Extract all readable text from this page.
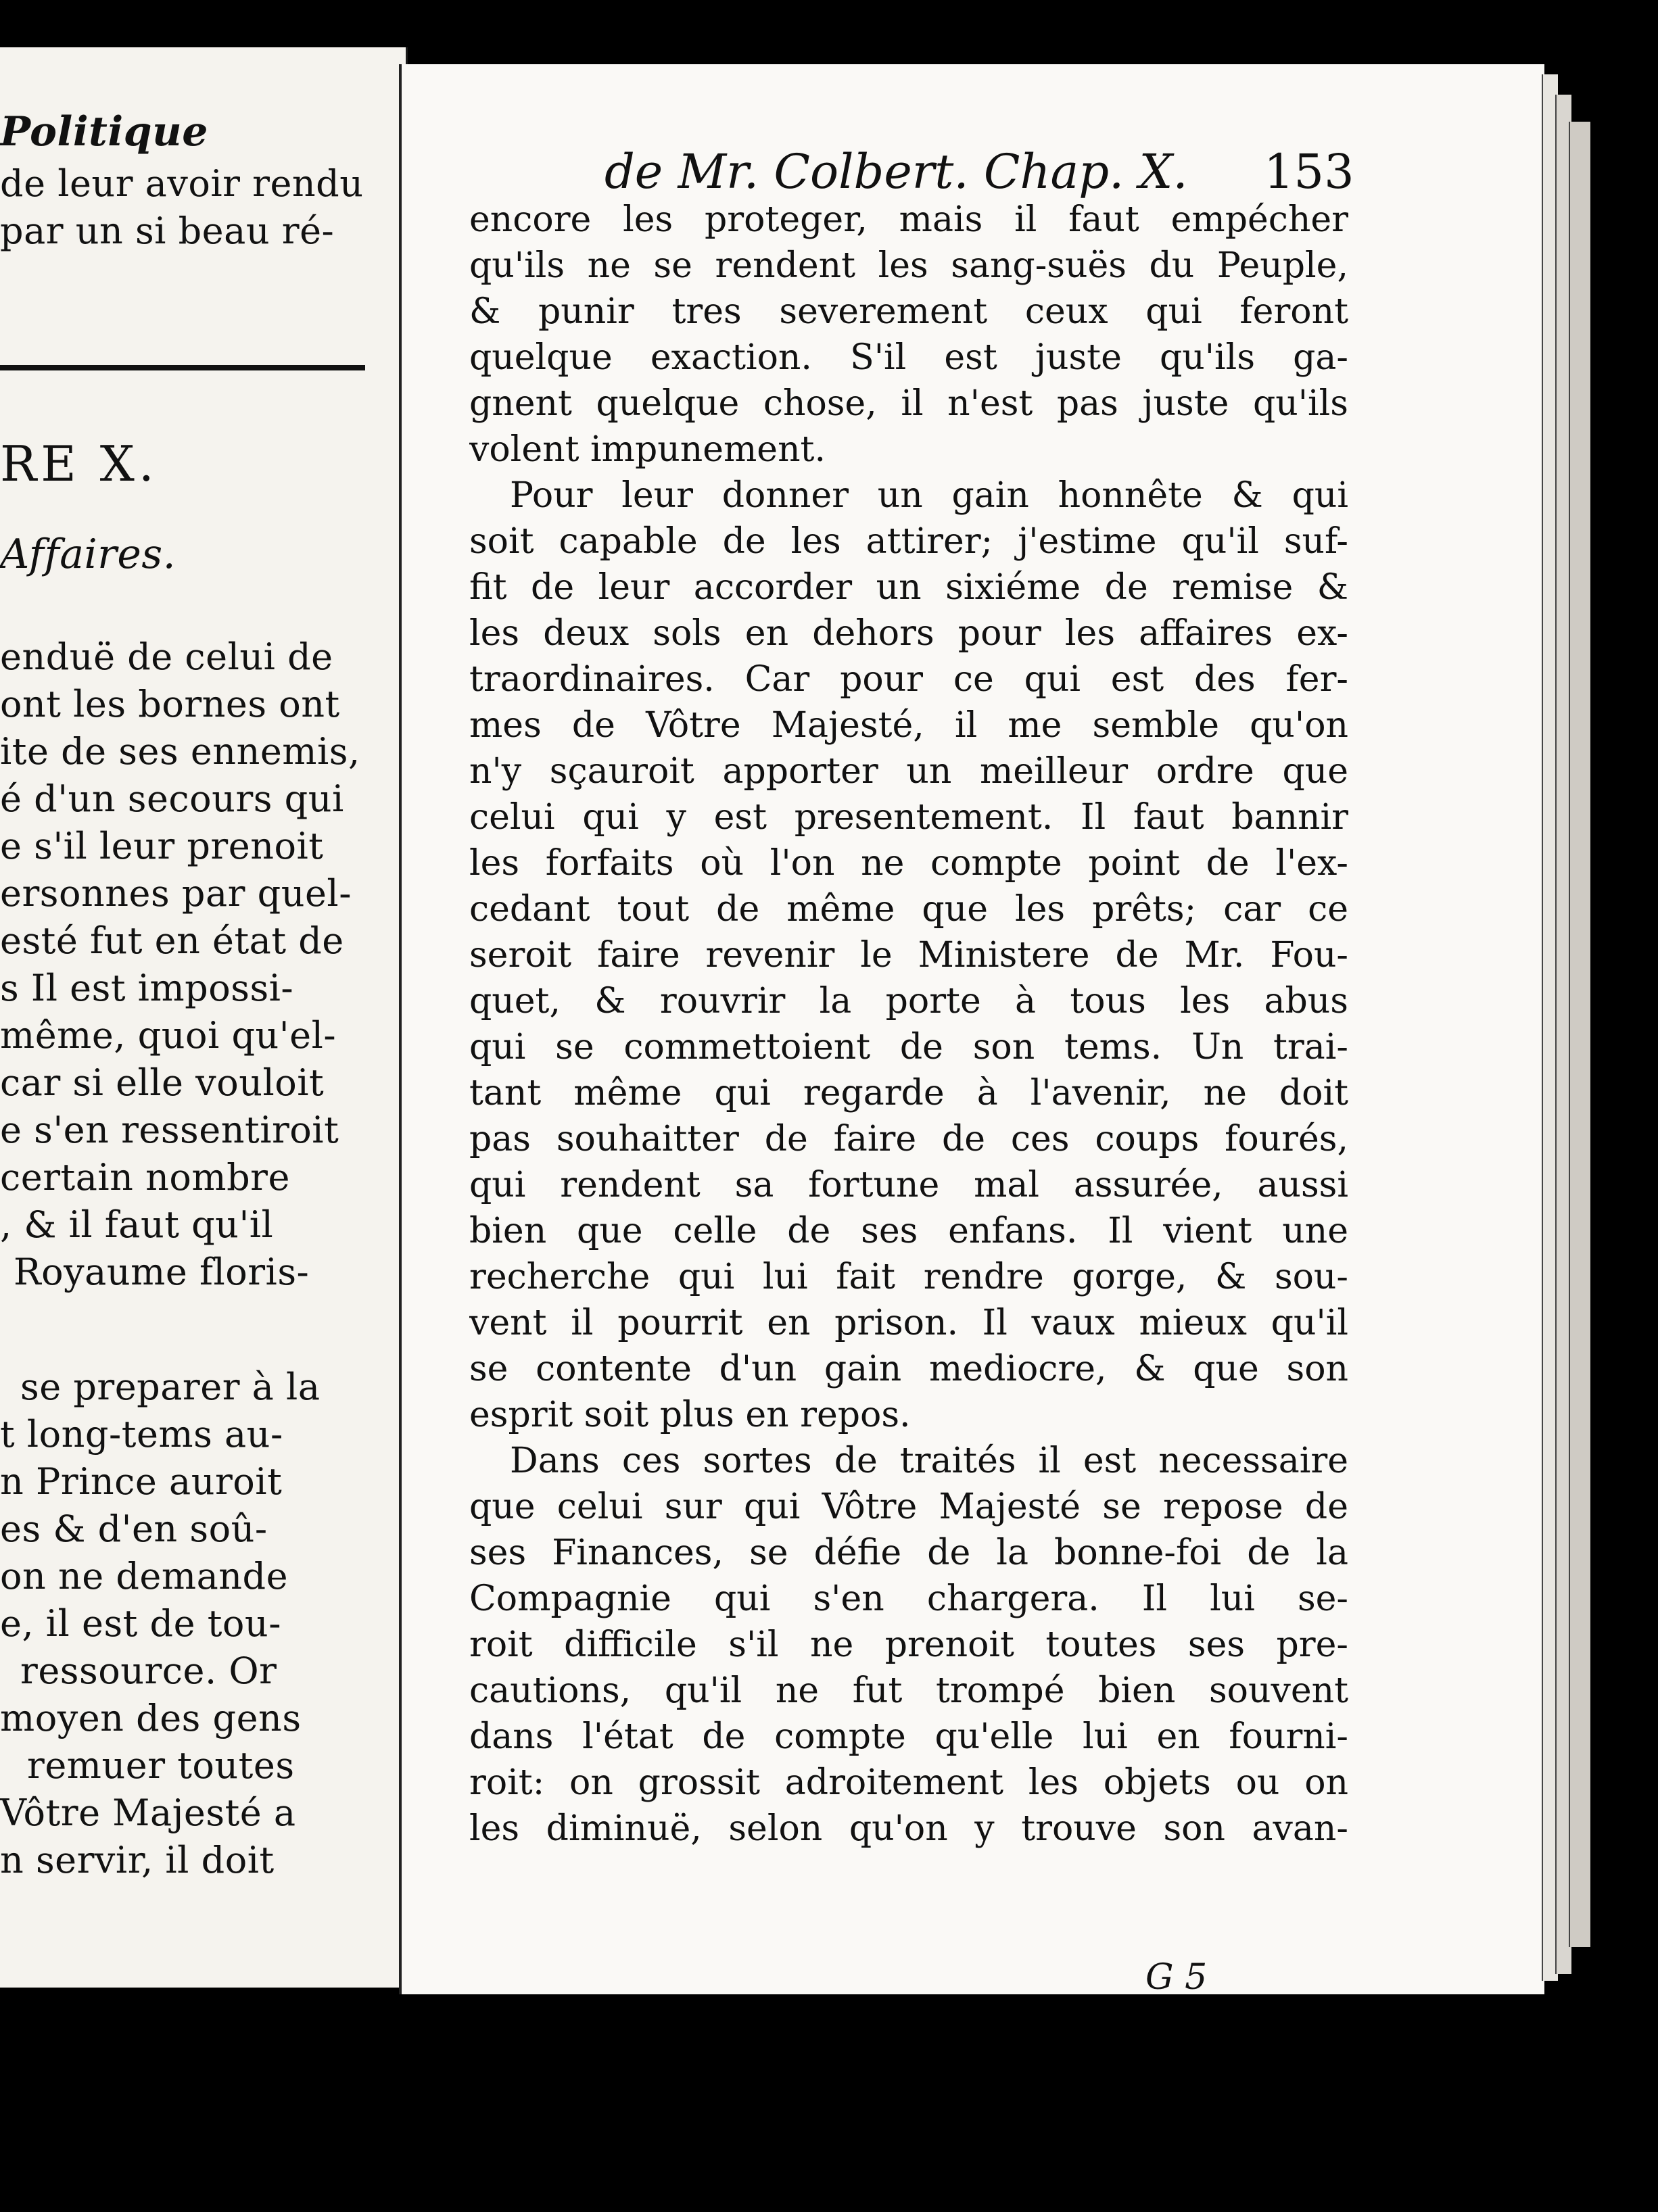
Politique
de leur avoir rendu
par un si beau ré-
RE X.
Affaires.
enduë de celui de
ont les bornes ont
ite de ses ennemis,
é d'un secours qui
e s'il leur prenoit
ersonnes par quel-
esté fut en état de
s Il est impossi-
même, quoi qu'el-
car si elle vouloit
e s'en ressentiroit
certain nombre
, & il faut qu'il
Royaume floris-
se preparer à la
t long-tems au-
n Prince auroit
es & d'en soû-
on ne demande
e, il est de tou-
ressource. Or
moyen des gens
remuer toutes
Vôtre Majesté a
n servir, il doit
de Mr. Colbert. Chap. X. 153
encore les proteger, mais il faut empécher
qu'ils ne se rendent les sang-suës du Peuple,
& punir tres severement ceux qui feront
quelque exaction. S'il est juste qu'ils ga-
gnent quelque chose, il n'est pas juste qu'ils
volent impunement.
Pour leur donner un gain honnête & qui
soit capable de les attirer; j'estime qu'il suf-
fit de leur accorder un sixiéme de remise &
les deux sols en dehors pour les affaires ex-
traordinaires. Car pour ce qui est des fer-
mes de Vôtre Majesté, il me semble qu'on
n'y sçauroit apporter un meilleur ordre que
celui qui y est presentement. Il faut bannir
les forfaits où l'on ne compte point de l'ex-
cedant tout de même que les prêts; car ce
seroit faire revenir le Ministere de Mr. Fou-
quet, & rouvrir la porte à tous les abus
qui se commettoient de son tems. Un trai-
tant même qui regarde à l'avenir, ne doit
pas souhaitter de faire de ces coups fourés,
qui rendent sa fortune mal assurée, aussi
bien que celle de ses enfans. Il vient une
recherche qui lui fait rendre gorge, & sou-
vent il pourrit en prison. Il vaux mieux qu'il
se contente d'un gain mediocre, & que son
esprit soit plus en repos.
Dans ces sortes de traités il est necessaire
que celui sur qui Vôtre Majesté se repose de
ses Finances, se défie de la bonne-foi de la
Compagnie qui s'en chargera. Il lui se-
roit difficile s'il ne prenoit toutes ses pre-
cautions, qu'il ne fut trompé bien souvent
dans l'état de compte qu'elle lui en fourni-
roit: on grossit adroitement les objets ou on
les diminuë, selon qu'on y trouve son avan-
G 5
